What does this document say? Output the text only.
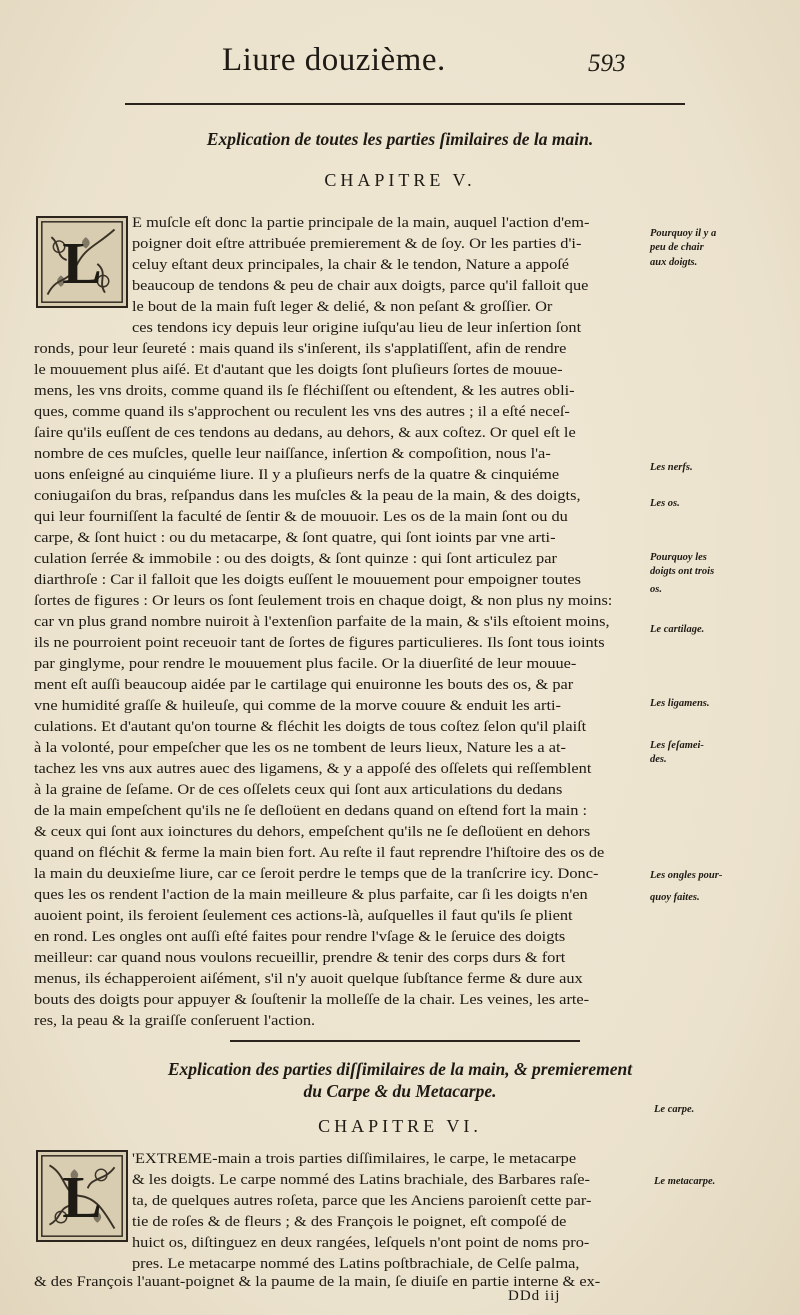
Liure douzième.	593
Explication de toutes les parties ſimilaires de la main.
CHAPITRE V.
L
E muſcle eſt donc la partie principale de la main, auquel l'action d'em-
poigner doit eſtre attribuée premierement & de ſoy. Or les parties d'i-
celuy eſtant deux principales, la chair & le tendon, Nature a appoſé
beaucoup de tendons & peu de chair aux doigts, parce qu'il falloit que
le bout de la main fuſt leger & delié, & non peſant & groſſier. Or
ces tendons icy depuis leur origine iuſqu'au lieu de leur inſertion ſont
ronds, pour leur ſeureté : mais quand ils s'inſerent, ils s'applatiſſent, afin de rendre
le mouuement plus aiſé. Et d'autant que les doigts ſont pluſieurs ſortes de mouue-
mens, les vns droits, comme quand ils ſe fléchiſſent ou eſtendent, & les autres obli-
ques, comme quand ils s'approchent ou reculent les vns des autres ; il a eſté neceſ-
ſaire qu'ils euſſent de ces tendons au dedans, au dehors, & aux coſtez. Or quel eſt le
nombre de ces muſcles, quelle leur naiſſance, inſertion & compoſition, nous l'a-
uons enſeigné au cinquiéme liure. Il y a pluſieurs nerfs de la quatre & cinquiéme
coniugaiſon du bras, reſpandus dans les muſcles & la peau de la main, & des doigts,
qui leur fourniſſent la faculté de ſentir & de mouuoir. Les os de la main ſont ou du
carpe, & ſont huict : ou du metacarpe, & ſont quatre, qui ſont ioints par vne arti-
culation ſerrée & immobile : ou des doigts, & ſont quinze : qui ſont articulez par
diarthroſe : Car il falloit que les doigts euſſent le mouuement pour empoigner toutes
ſortes de figures : Or leurs os ſont ſeulement trois en chaque doigt, & non plus ny moins:
car vn plus grand nombre nuiroit à l'extenſion parfaite de la main, & s'ils eſtoient moins,
ils ne pourroient point receuoir tant de ſortes de figures particulieres. Ils ſont tous ioints
par ginglyme, pour rendre le mouuement plus facile. Or la diuerſité de leur mouue-
ment eſt auſſi beaucoup aidée par le cartilage qui enuironne les bouts des os, & par
vne humidité graſſe & huileuſe, qui comme de la morve couure & enduit les arti-
culations. Et d'autant qu'on tourne & fléchit les doigts de tous coſtez ſelon qu'il plaiſt
à la volonté, pour empeſcher que les os ne tombent de leurs lieux, Nature les a at-
tachez les vns aux autres auec des ligamens, & y a appoſé des oſſelets qui reſſemblent
à la graine de ſeſame. Or de ces oſſelets ceux qui ſont aux articulations du dedans
de la main empeſchent qu'ils ne ſe deſloüent en dedans quand on eſtend fort la main :
& ceux qui ſont aux ioinctures du dehors, empeſchent qu'ils ne ſe deſloüent en dehors
quand on fléchit & ferme la main bien fort. Au reſte il faut reprendre l'hiſtoire des os de
la main du deuxieſme liure, car ce ſeroit perdre le temps que de la tranſcrire icy. Donc-
ques les os rendent l'action de la main meilleure & plus parfaite, car ſi les doigts n'en
auoient point, ils feroient ſeulement ces actions-là, auſquelles il faut qu'ils ſe plient
en rond. Les ongles ont auſſi eſté faites pour rendre l'vſage & le ſeruice des doigts
meilleur: car quand nous voulons recueillir, prendre & tenir des corps durs & fort
menus, ils échapperoient aiſément, s'il n'y auoit quelque ſubſtance ferme & dure aux
bouts des doigts pour appuyer & ſouſtenir la molleſſe de la chair. Les veines, les arte-
res, la peau & la graiſſe conſeruent l'action.
Explication des parties diſſimilaires de la main, & premierement
du Carpe & du Metacarpe.
CHAPITRE VI.
L
'EXTREME-main a trois parties diſſimilaires, le carpe, le metacarpe
& les doigts. Le carpe nommé des Latins brachiale, des Barbares raſe-
ta, de quelques autres roſeta, parce que les Anciens paroienſt cette par-
tie de roſes & de fleurs ; & des François le poignet, eſt compoſé de
huict os, diſtinguez en deux rangées, leſquels n'ont point de noms pro-
pres. Le metacarpe nommé des Latins poſtbrachiale, de Celſe palma,
& des François l'auant-poignet & la paume de la main, ſe diuiſe en partie interne & ex-
Pourquoy il y a
peu de chair
aux doigts.
Les nerfs.
Les os.
Pourquoy les
doigts ont trois
os.
Le cartilage.
Les ligamens.
Les ſeſamei-
des.
Les ongles pour-
quoy faites.
Le carpe.
Le metacarpe.
DDd iij
